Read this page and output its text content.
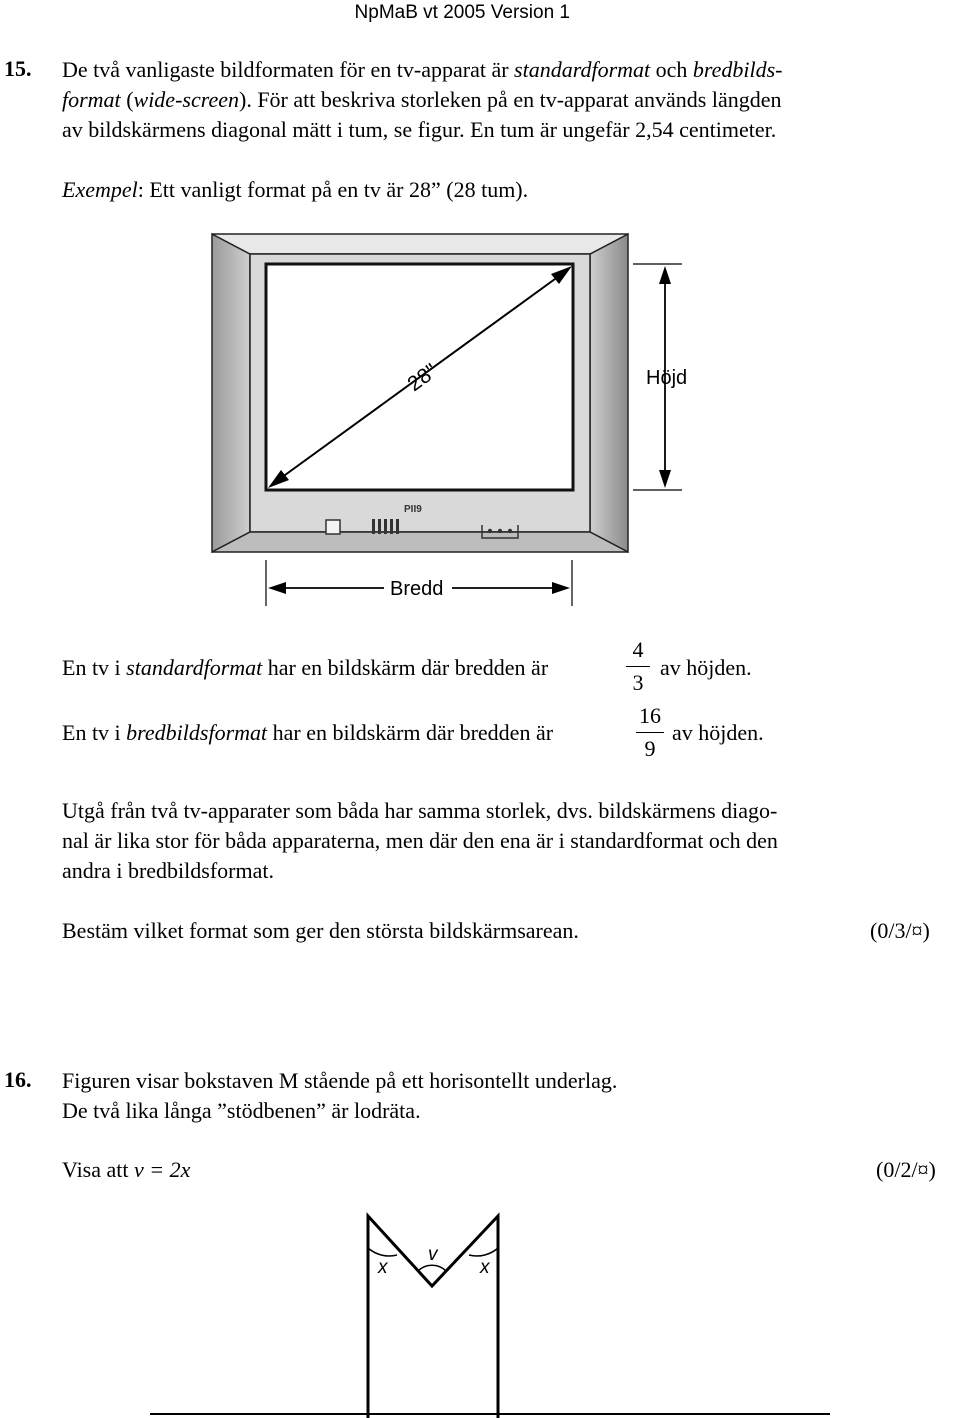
NpMaB vt 2005 Version 1
15. De två vanligaste bildformaten för en tv-apparat är standardformat och bredbilds-
format (wide-screen). För att beskriva storleken på en tv-apparat används längden
av bildskärmens diagonal mätt i tum, se figur. En tum är ungefär 2,54 centimeter.
Exempel: Ett vanligt format på en tv är 28” (28 tum).
28"
PII9
Höjd
Bredd
En tv i standardformat har en bildskärm där bredden är
4
3
av höjden.
En tv i bredbildsformat har en bildskärm där bredden är
16
9
av höjden.
Utgå från två tv-apparater som båda har samma storlek, dvs. bildskärmens diago-
nal är lika stor för båda apparaterna, men där den ena är i standardformat och den
andra i bredbildsformat.
Bestäm vilket format som ger den största bildskärmsarean.	(0/3/¤)
16. Figuren visar bokstaven M stående på ett horisontellt underlag.
De två lika långa ”stödbenen” är lodräta.
Visa att v = 2x	(0/2/¤)
v
x	x
